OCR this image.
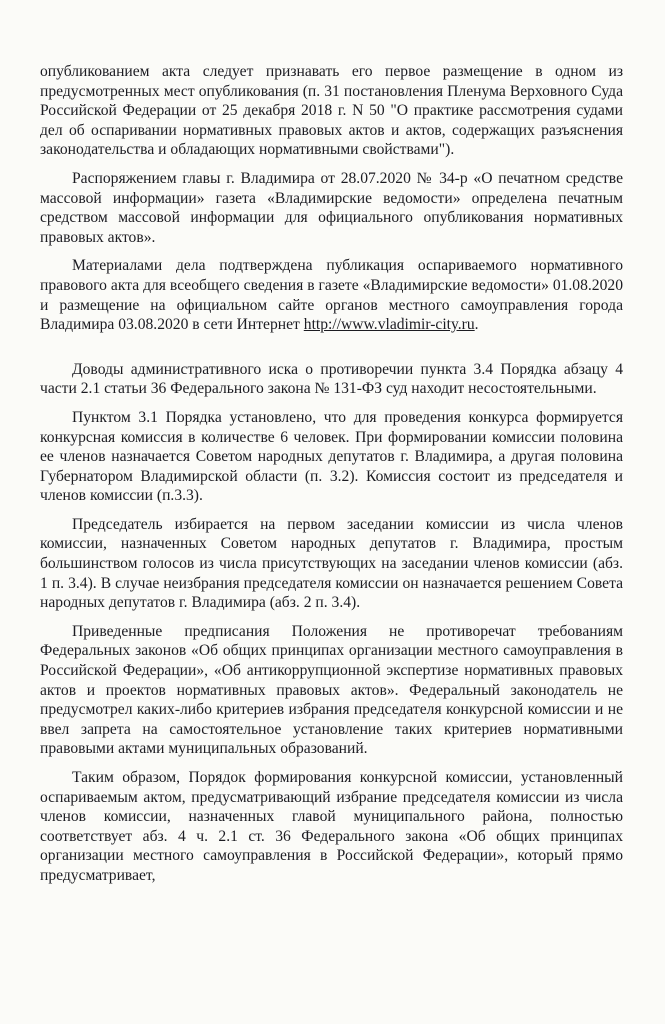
опубликованием акта следует признавать его первое размещение в одном из предусмотренных мест опубликования (п. 31 постановления Пленума Верховного Суда Российской Федерации от 25 декабря 2018 г. N 50 "О практике рассмотрения судами дел об оспаривании нормативных правовых актов и актов, содержащих разъяснения законодательства и обладающих нормативными свойствами").

Распоряжением главы г. Владимира от 28.07.2020 № 34-р «О печатном средстве массовой информации» газета «Владимирские ведомости» определена печатным средством массовой информации для официального опубликования нормативных правовых актов».

Материалами дела подтверждена публикация оспариваемого нормативного правового акта для всеобщего сведения в газете «Владимирские ведомости» 01.08.2020 и размещение на официальном сайте органов местного самоуправления города Владимира 03.08.2020 в сети Интернет http://www.vladimir-city.ru.

Доводы административного иска о противоречии пункта 3.4 Порядка абзацу 4 части 2.1 статьи 36 Федерального закона № 131-ФЗ суд находит несостоятельными.

Пунктом 3.1 Порядка установлено, что для проведения конкурса формируется конкурсная комиссия в количестве 6 человек. При формировании комиссии половина ее членов назначается Советом народных депутатов г. Владимира, а другая половина Губернатором Владимирской области (п. 3.2). Комиссия состоит из председателя и членов комиссии (п.3.3).

Председатель избирается на первом заседании комиссии из числа членов комиссии, назначенных Советом народных депутатов г. Владимира, простым большинством голосов из числа присутствующих на заседании членов комиссии (абз. 1 п. 3.4). В случае неизбрания председателя комиссии он назначается решением Совета народных депутатов г. Владимира (абз. 2 п. 3.4).

Приведенные предписания Положения не противоречат требованиям Федеральных законов «Об общих принципах организации местного самоуправления в Российской Федерации», «Об антикоррупционной экспертизе нормативных правовых актов и проектов нормативных правовых актов». Федеральный законодатель не предусмотрел каких-либо критериев избрания председателя конкурсной комиссии и не ввел запрета на самостоятельное установление таких критериев нормативными правовыми актами муниципальных образований.

Таким образом, Порядок формирования конкурсной комиссии, установленный оспариваемым актом, предусматривающий избрание председателя комиссии из числа членов комиссии, назначенных главой муниципального района, полностью соответствует абз. 4 ч. 2.1 ст. 36 Федерального закона «Об общих принципах организации местного самоуправления в Российской Федерации», который прямо предусматривает,
